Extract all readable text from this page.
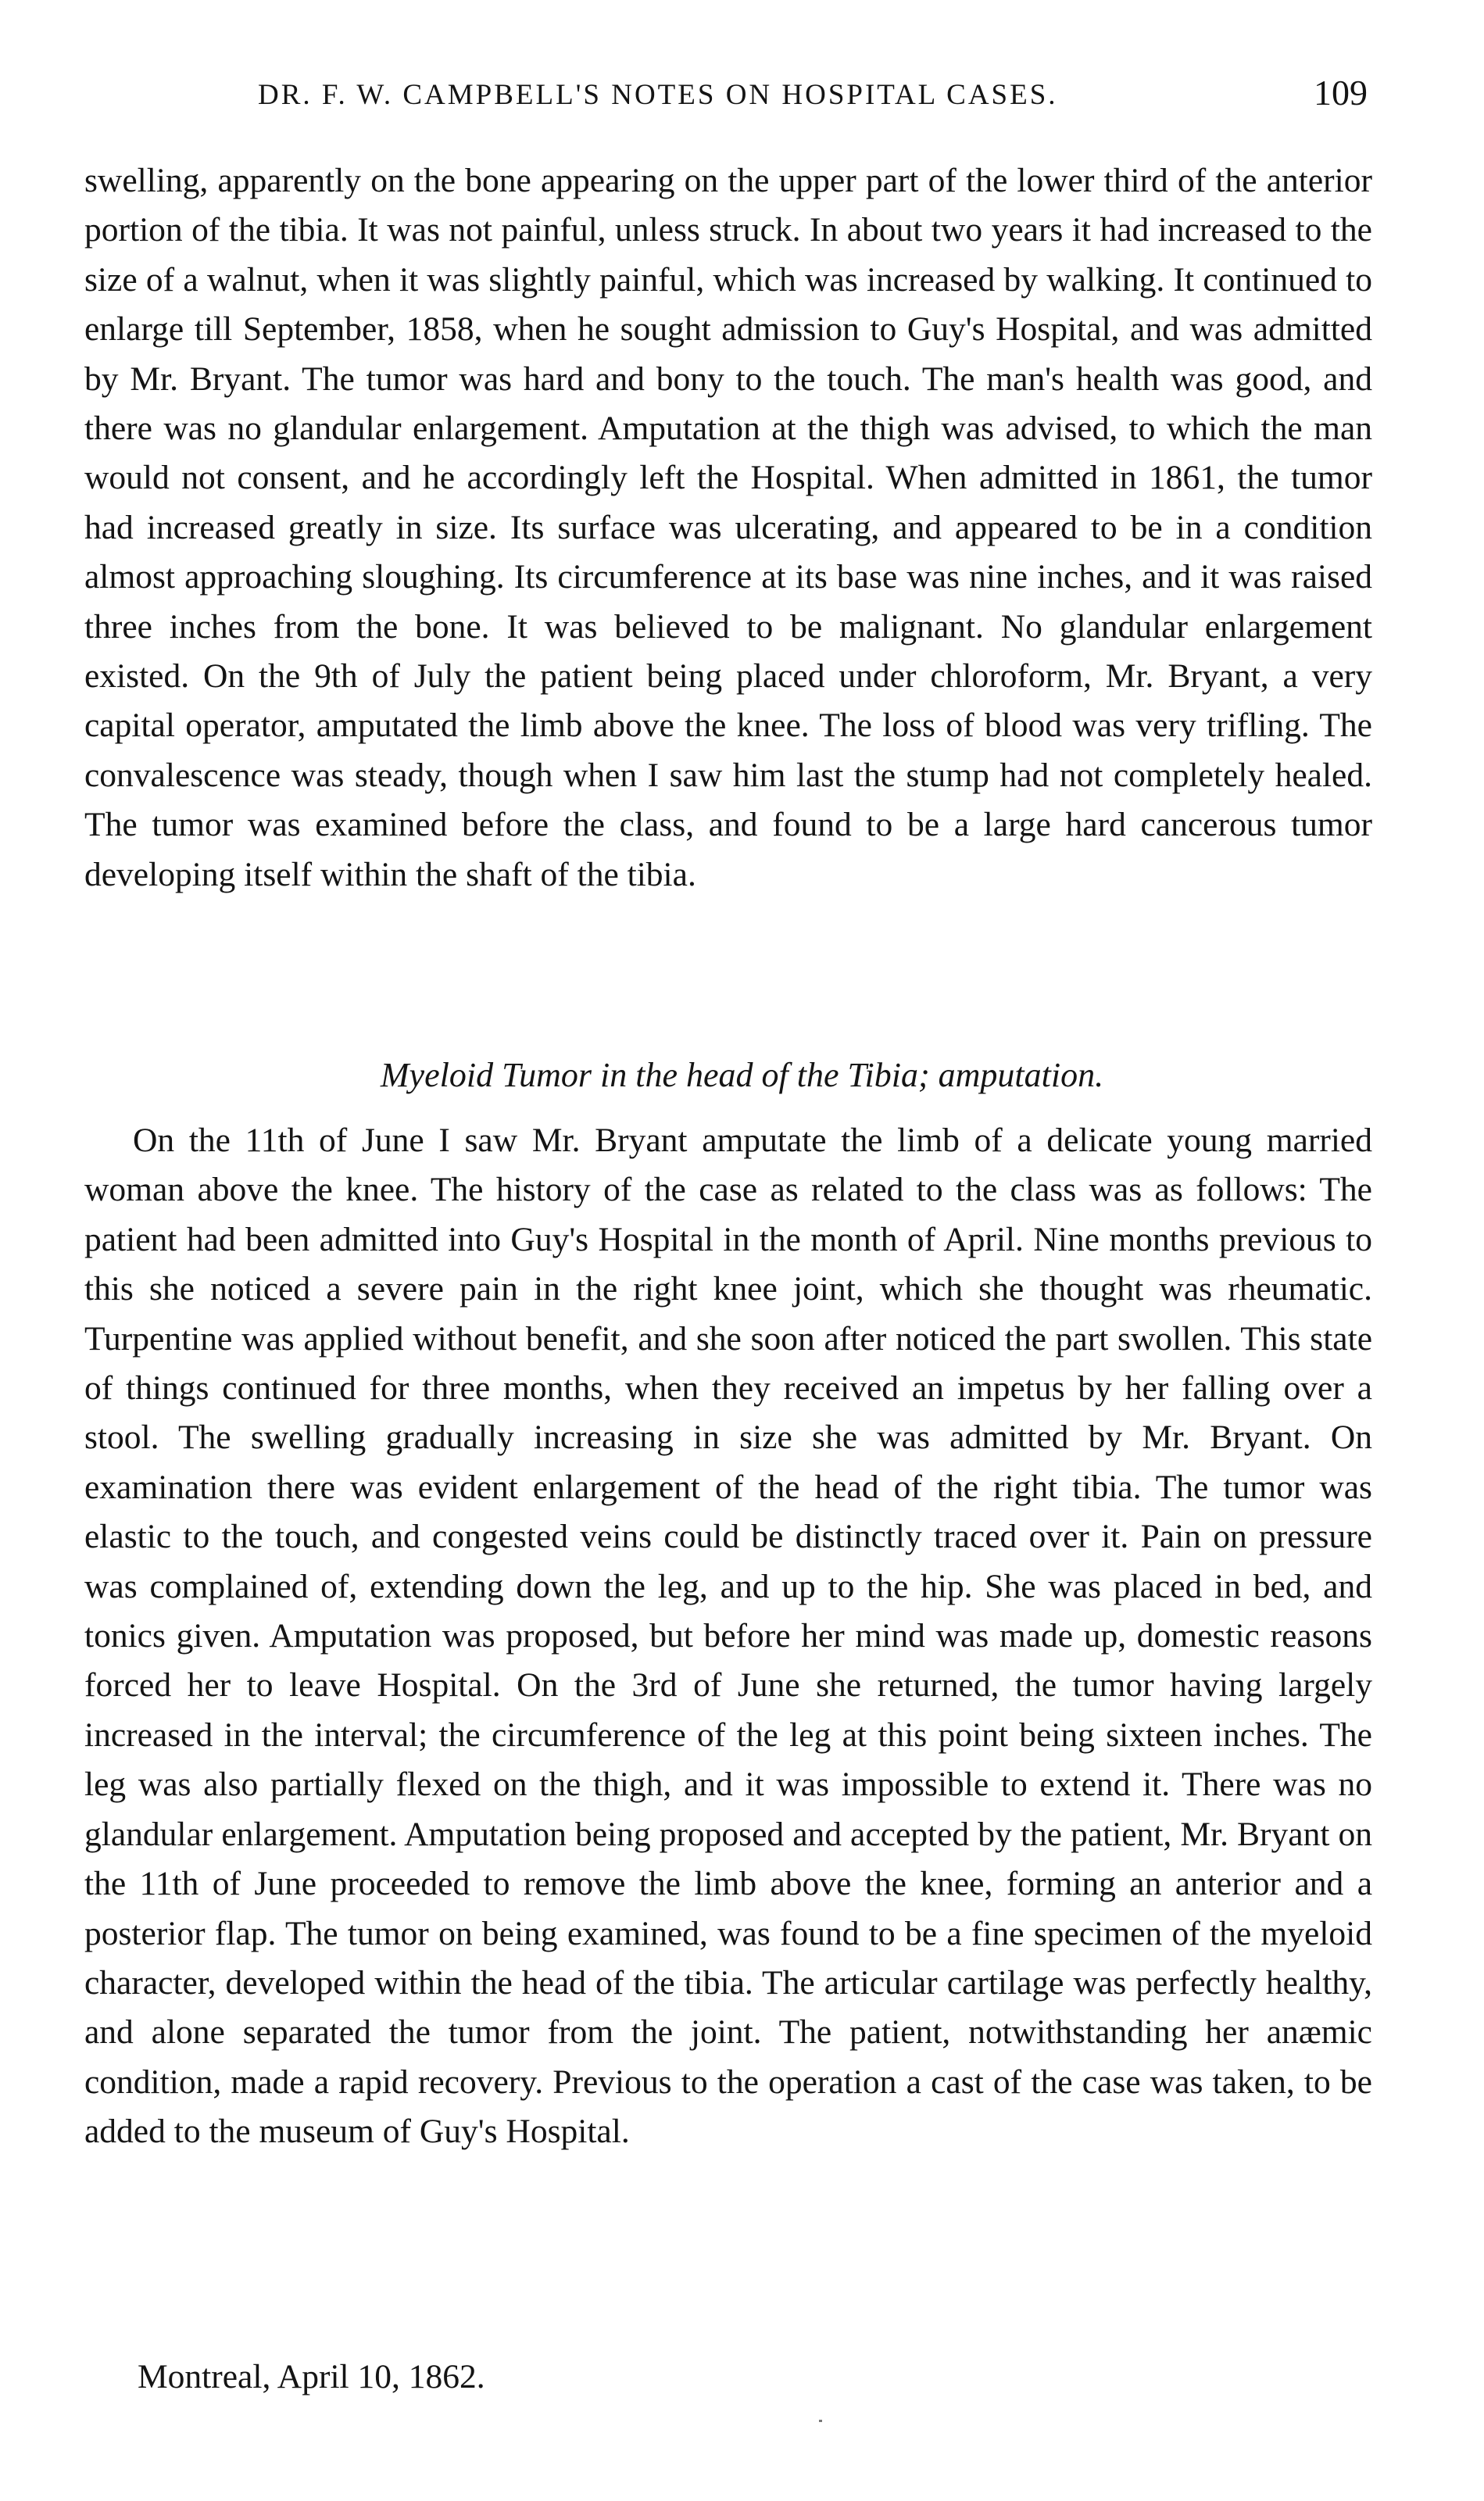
DR. F. W. CAMPBELL'S NOTES ON HOSPITAL CASES.	109

swelling, apparently on the bone appearing on the upper part of the lower third of the anterior portion of the tibia. It was not painful, unless struck. In about two years it had increased to the size of a walnut, when it was slightly painful, which was increased by walking. It continued to enlarge till September, 1858, when he sought admission to Guy's Hospital, and was admitted by Mr. Bryant. The tumor was hard and bony to the touch. The man's health was good, and there was no glandular enlargement. Amputation at the thigh was advised, to which the man would not consent, and he accordingly left the Hospital. When admitted in 1861, the tumor had increased greatly in size. Its surface was ulcerating, and appeared to be in a condition almost approaching sloughing. Its circumference at its base was nine inches, and it was raised three inches from the bone. It was believed to be malignant. No glandular enlargement existed. On the 9th of July the patient being placed under chloroform, Mr. Bryant, a very capital operator, amputated the limb above the knee. The loss of blood was very trifling. The convalescence was steady, though when I saw him last the stump had not completely healed. The tumor was examined before the class, and found to be a large hard cancerous tumor developing itself within the shaft of the tibia.

Myeloid Tumor in the head of the Tibia; amputation.

On the 11th of June I saw Mr. Bryant amputate the limb of a delicate young married woman above the knee. The history of the case as related to the class was as follows: The patient had been admitted into Guy's Hospital in the month of April. Nine months previous to this she noticed a severe pain in the right knee joint, which she thought was rheumatic. Turpentine was applied without benefit, and she soon after noticed the part swollen. This state of things continued for three months, when they received an impetus by her falling over a stool. The swelling gradually increasing in size she was admitted by Mr. Bryant. On examination there was evident enlargement of the head of the right tibia. The tumor was elastic to the touch, and congested veins could be distinctly traced over it. Pain on pressure was complained of, extending down the leg, and up to the hip. She was placed in bed, and tonics given. Amputation was proposed, but before her mind was made up, domestic reasons forced her to leave Hospital. On the 3rd of June she returned, the tumor having largely increased in the interval; the circumference of the leg at this point being sixteen inches. The leg was also partially flexed on the thigh, and it was impossible to extend it. There was no glandular enlargement. Amputation being proposed and accepted by the patient, Mr. Bryant on the 11th of June proceeded to remove the limb above the knee, forming an anterior and a posterior flap. The tumor on being examined, was found to be a fine specimen of the myeloid character, developed within the head of the tibia. The articular cartilage was perfectly healthy, and alone separated the tumor from the joint. The patient, notwithstanding her anæmic condition, made a rapid recovery. Previous to the operation a cast of the case was taken, to be added to the museum of Guy's Hospital.

Montreal, April 10, 1862.
